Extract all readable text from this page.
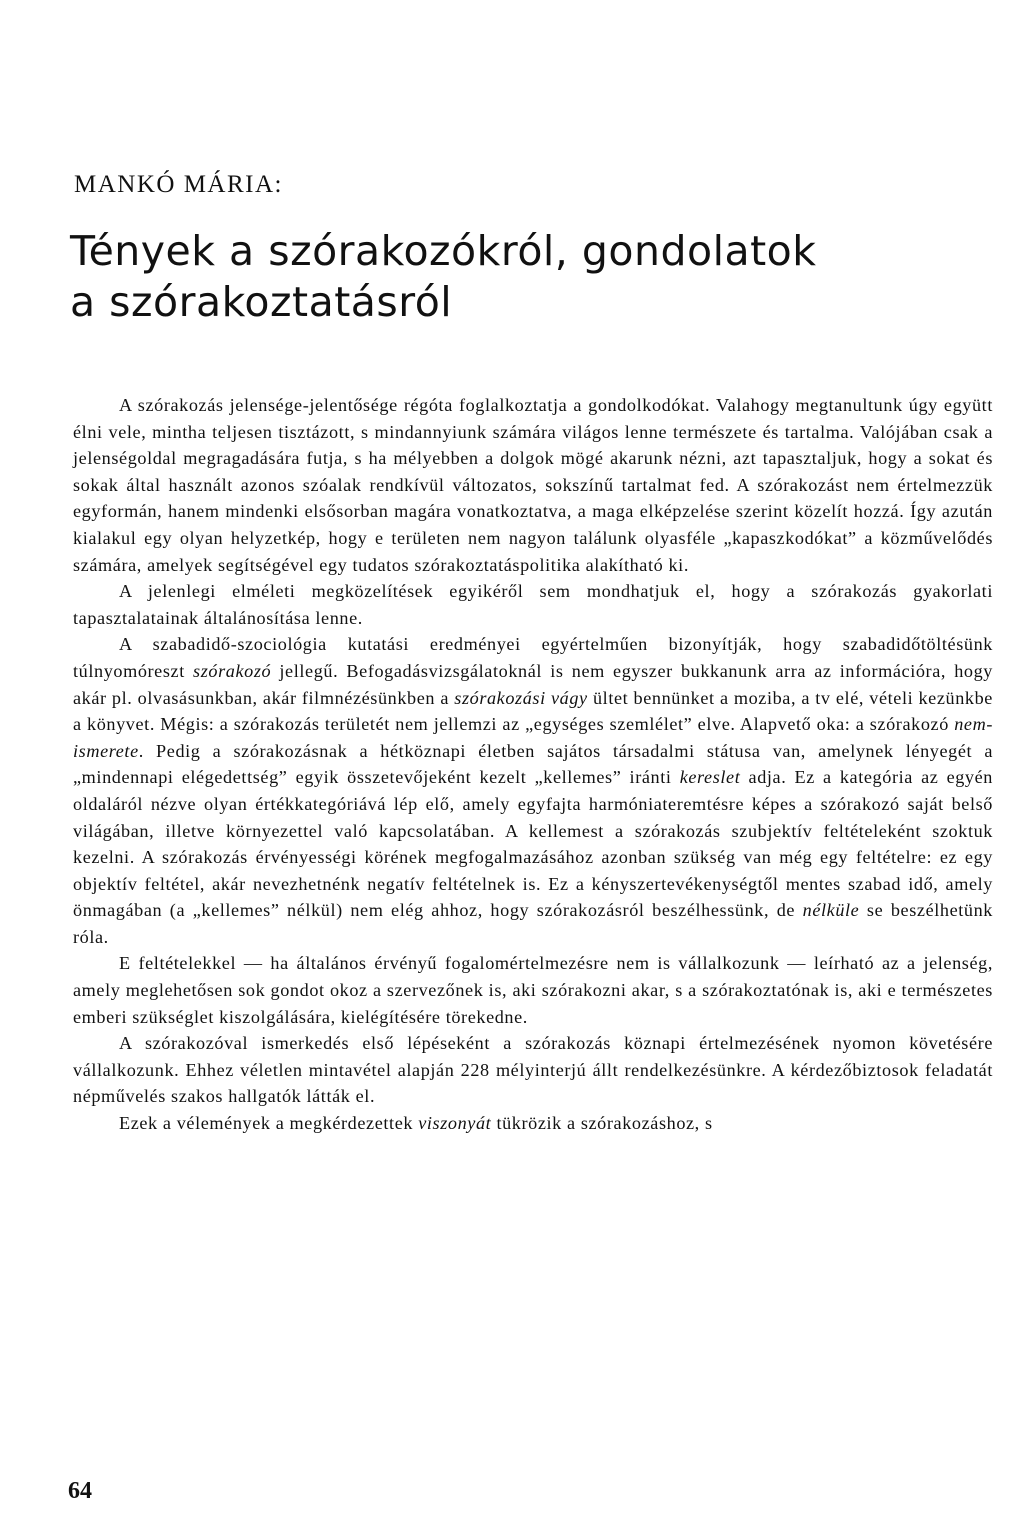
MANKÓ MÁRIA:
Tények a szórakozókról, gondolatok
a szórakoztatásról

A szórakozás jelensége-jelentősége régóta foglalkoztatja a gondolkodókat. Valahogy megtanultunk úgy együtt élni vele, mintha teljesen tisztázott, s mindannyiunk számára világos lenne természete és tartalma. Valójában csak a jelenségoldal megragadására futja, s ha mélyebben a dolgok mögé akarunk nézni, azt tapasztaljuk, hogy a sokat és sokak által használt azonos szóalak rendkívül változatos, sokszínű tartalmat fed. A szórakozást nem értelmezzük egyformán, hanem mindenki elsősorban magára vonatkoztatva, a maga elképzelése szerint közelít hozzá. Így azután kialakul egy olyan helyzetkép, hogy e területen nem nagyon találunk olyasféle „kapaszkodókat” a közművelődés számára, amelyek segítségével egy tudatos szórakoztatáspolitika alakítható ki.

A jelenlegi elméleti megközelítések egyikéről sem mondhatjuk el, hogy a szórakozás gyakorlati tapasztalatainak általánosítása lenne.

A szabadidő-szociológia kutatási eredményei egyértelműen bizonyítják, hogy szabadidőtöltésünk túlnyomóreszt szórakozó jellegű. Befogadásvizsgálatoknál is nem egyszer bukkanunk arra az információra, hogy akár pl. olvasásunkban, akár filmnézésünkben a szórakozási vágy ültet bennünket a moziba, a tv elé, vételi kezünkbe a könyvet. Mégis: a szórakozás területét nem jellemzi az „egységes szemlélet” elve. Alapvető oka: a szórakozó nem-ismerete. Pedig a szórakozásnak a hétköznapi életben sajátos társadalmi státusa van, amelynek lényegét a „mindennapi elégedettség” egyik összetevőjeként kezelt „kellemes” iránti kereslet adja. Ez a kategória az egyén oldaláról nézve olyan értékkategóriává lép elő, amely egyfajta harmóniateremtésre képes a szórakozó saját belső világában, illetve környezettel való kapcsolatában. A kellemest a szórakozás szubjektív feltételeként szoktuk kezelni. A szórakozás érvényességi körének megfogalmazásához azonban szükség van még egy feltételre: ez egy objektív feltétel, akár nevezhetnénk negatív feltételnek is. Ez a kényszertevékenységtől mentes szabad idő, amely önmagában (a „kellemes” nélkül) nem elég ahhoz, hogy szórakozásról beszélhessünk, de nélküle se beszélhetünk róla.

E feltételekkel — ha általános érvényű fogalomértelmezésre nem is vállalkozunk — leírható az a jelenség, amely meglehetősen sok gondot okoz a szervezőnek is, aki szórakozni akar, s a szórakoztatónak is, aki e természetes emberi szükséglet kiszolgálására, kielégítésére törekedne.

A szórakozóval ismerkedés első lépéseként a szórakozás köznapi értelmezésének nyomon követésére vállalkozunk. Ehhez véletlen mintavétel alapján 228 mélyinterjú állt rendelkezésünkre. A kérdezőbiztosok feladatát népművelés szakos hallgatók látták el.

Ezek a vélemények a megkérdezettek viszonyát tükrözik a szórakozáshoz, s

64
